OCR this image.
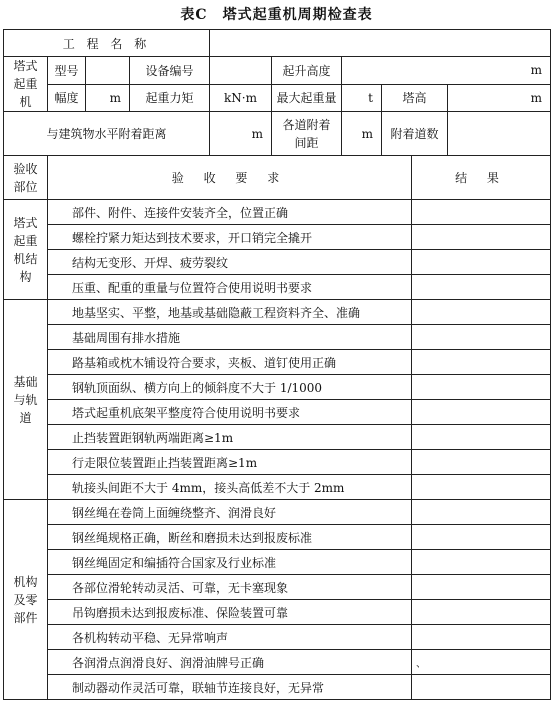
表C　塔式起重机周期检查表
工 程 名 称									
塔式起重机	型号		设备编号		起升高度	m			
	幅度	m	起重力矩	kN·m	最大起重量	t	塔高		m
与建筑物水平附着距离				m	各道附着间距	m	附着道数		
验收部位	验 收 要 求							结 果	
塔式起重机结构	部件、附件、连接件安装齐全，位置正确								
	螺栓拧紧力矩达到技术要求，开口销完全撬开								
	结构无变形、开焊、疲劳裂纹								
	压重、配重的重量与位置符合使用说明书要求								
基础与轨道	地基坚实、平整，地基或基础隐蔽工程资料齐全、准确								
	基础周围有排水措施								
	路基箱或枕木铺设符合要求，夹板、道钉使用正确								
	钢轨顶面纵、横方向上的倾斜度不大于 1/1000								
	塔式起重机底架平整度符合使用说明书要求								
	止挡装置距钢轨两端距离≥1m								
	行走限位装置距止挡装置距离≥1m								
	轨接头间距不大于 4mm，接头高低差不大于 2mm								
机构及零部件	钢丝绳在卷筒上面缠绕整齐、润滑良好								
	钢丝绳规格正确，断丝和磨损未达到报废标准								
	钢丝绳固定和编插符合国家及行业标准								
	各部位滑轮转动灵活、可靠，无卡塞现象								
	吊钩磨损未达到报废标准、保险装置可靠								
	各机构转动平稳、无异常响声								
	各润滑点润滑良好、润滑油牌号正确							、	
	制动器动作灵活可靠，联轴节连接良好，无异常								
